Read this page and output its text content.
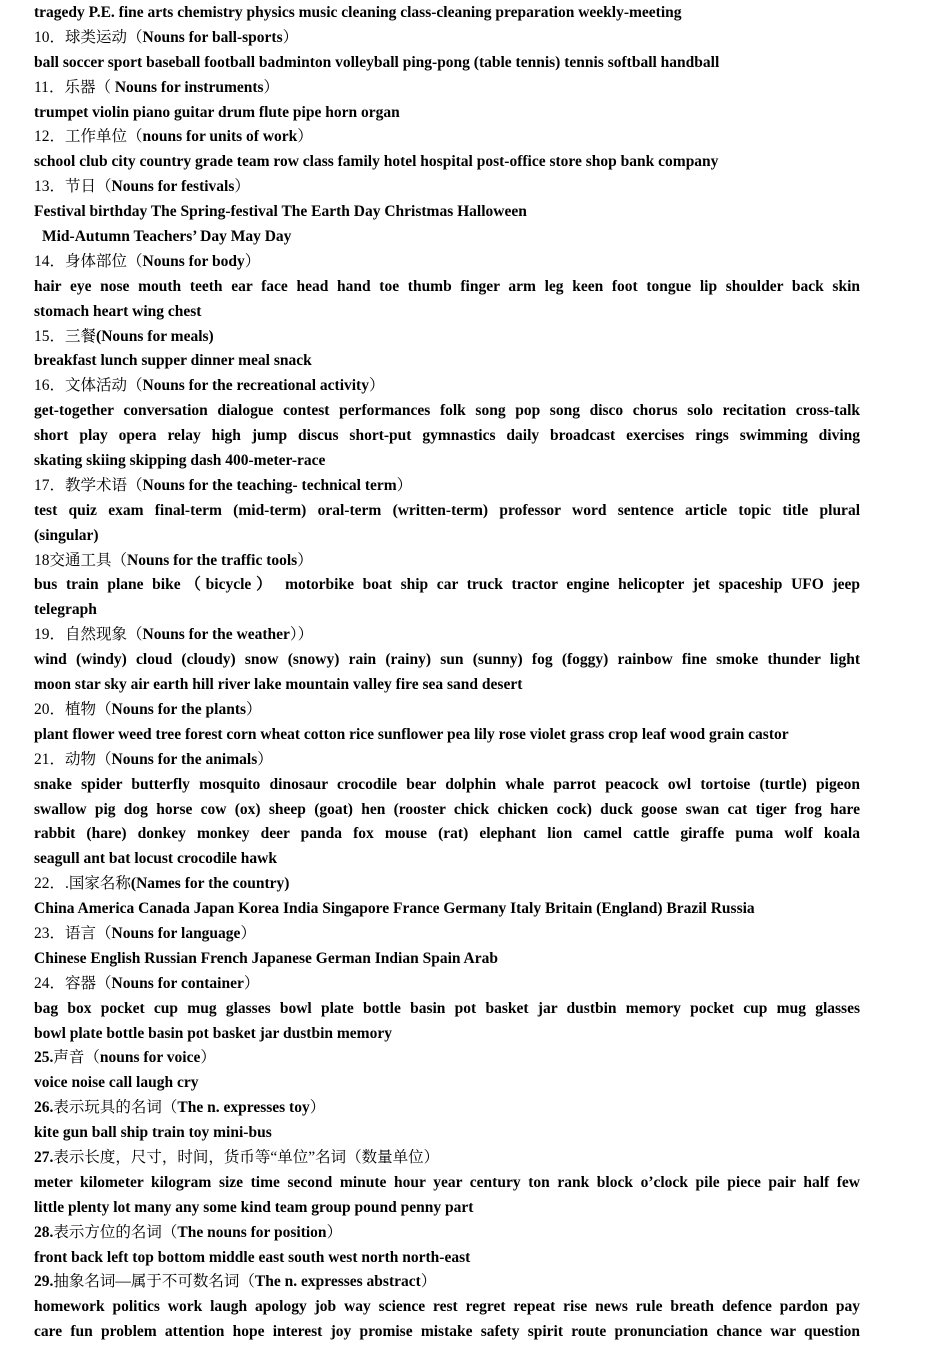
tragedy P.E. fine arts chemistry physics music cleaning class-cleaning preparation weekly-meeting
10．球类运动（Nouns for ball-sports）
ball soccer sport baseball football badminton volleyball ping-pong (table tennis) tennis softball handball
11．乐器（ Nouns for instruments）
trumpet violin piano guitar drum flute pipe horn organ
12．工作单位（nouns for units of work）
school club city country grade team row class family hotel hospital post-office store shop bank company
13．节日（Nouns for festivals）
Festival birthday The Spring-festival The Earth Day Christmas Halloween
Mid-Autumn Teachers’ Day May Day
14．身体部位（Nouns for body）
hair eye nose mouth teeth ear face head hand toe thumb finger arm leg keen foot tongue lip shoulder back skin
stomach heart wing chest
15．三餐(Nouns for meals)
breakfast lunch supper dinner meal snack
16．文体活动（Nouns for the recreational activity）
get-together conversation dialogue contest performances folk song pop song disco chorus solo recitation cross-talk
short play opera relay high jump discus short-put gymnastics daily broadcast exercises rings swimming diving
skating skiing skipping dash 400-meter-race
17．教学术语（Nouns for the teaching- technical term）
test quiz exam final-term (mid-term) oral-term (written-term) professor word sentence article topic title plural
(singular)
18交通工具（Nouns for the traffic tools）
bus train plane bike（bicycle） motorbike boat ship car truck tractor engine helicopter jet spaceship UFO jeep
telegraph
19．自然现象（Nouns for the weather））
wind (windy) cloud (cloudy) snow (snowy) rain (rainy) sun (sunny) fog (foggy) rainbow fine smoke thunder light
moon star sky air earth hill river lake mountain valley fire sea sand desert
20．植物（Nouns for the plants）
plant flower weed tree forest corn wheat cotton rice sunflower pea lily rose violet grass crop leaf wood grain castor
21．动物（Nouns for the animals）
snake spider butterfly mosquito dinosaur crocodile bear dolphin whale parrot peacock owl tortoise (turtle) pigeon
swallow pig dog horse cow (ox) sheep (goat) hen (rooster chick chicken cock) duck goose swan cat tiger frog hare
rabbit (hare) donkey monkey deer panda fox mouse (rat) elephant lion camel cattle giraffe puma wolf koala
seagull ant bat locust crocodile hawk
22．.国家名称(Names for the country)
China America Canada Japan Korea India Singapore France Germany Italy Britain (England) Brazil Russia
23．语言（Nouns for language）
Chinese English Russian French Japanese German Indian Spain Arab
24．容器（Nouns for container）
bag box pocket cup mug glasses bowl plate bottle basin pot basket jar dustbin memory pocket cup mug glasses
bowl plate bottle basin pot basket jar dustbin memory
25.声音（nouns for voice）
voice noise call laugh cry
26.表示玩具的名词（The n. expresses toy）
kite gun ball ship train toy mini-bus
27.表示长度，尺寸，时间，货币等“单位”名词（数量单位）
meter kilometer kilogram size time second minute hour year century ton rank block o’clock pile piece pair half few
little plenty lot many any some kind team group pound penny part
28.表示方位的名词（The nouns for position）
front back left top bottom middle east south west north north-east
29.抽象名词—属于不可数名词（The n. expresses abstract）
homework politics work laugh apology job way science rest regret repeat rise news rule breath defence pardon pay
care fun problem attention hope interest joy promise mistake safety spirit route pronunciation chance war question
